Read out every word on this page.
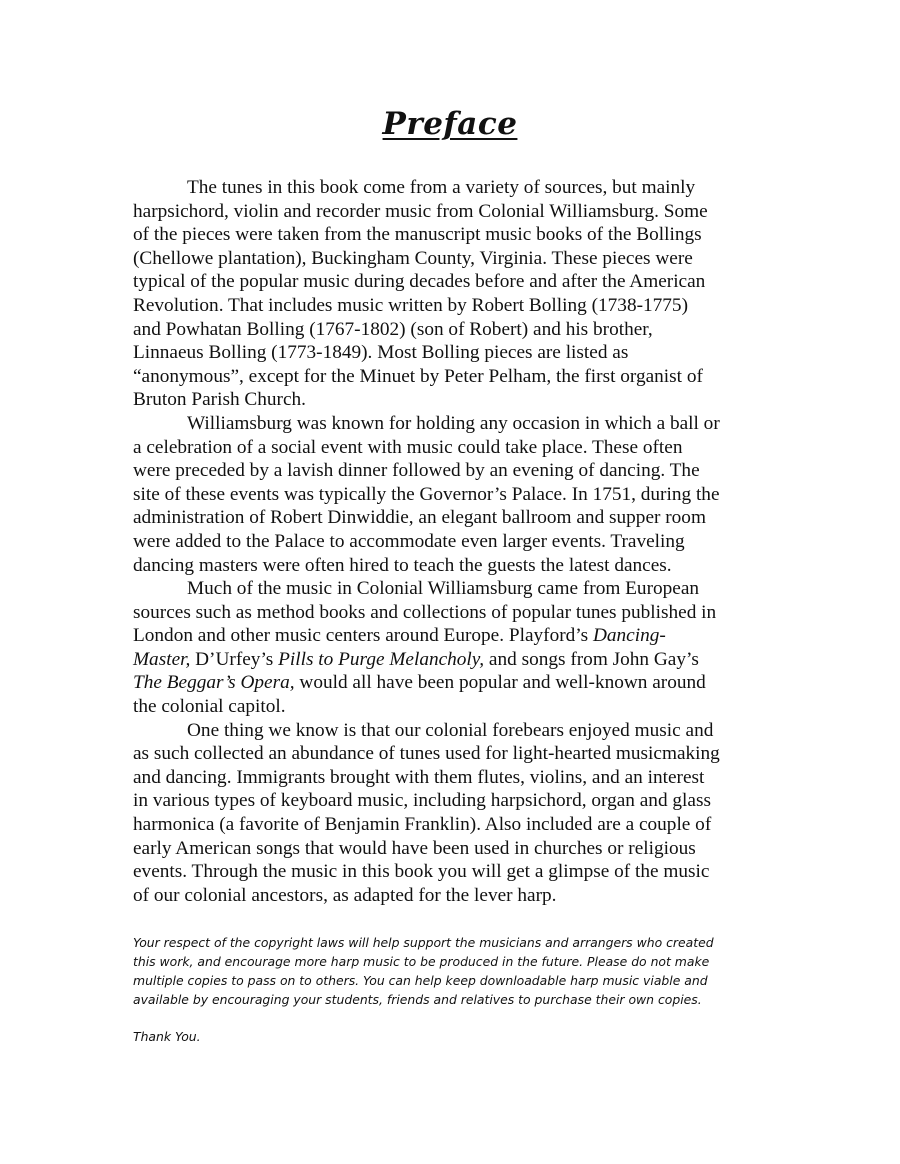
Preface

The tunes in this book come from a variety of sources, but mainly
harpsichord, violin and recorder music from Colonial Williamsburg. Some
of the pieces were taken from the manuscript music books of the Bollings
(Chellowe plantation), Buckingham County, Virginia. These pieces were
typical of the popular music during decades before and after the American
Revolution. That includes music written by Robert Bolling (1738-1775)
and Powhatan Bolling (1767-1802) (son of Robert) and his brother,
Linnaeus Bolling (1773-1849). Most Bolling pieces are listed as
“anonymous”, except for the Minuet by Peter Pelham, the first organist of
Bruton Parish Church.

Williamsburg was known for holding any occasion in which a ball or
a celebration of a social event with music could take place. These often
were preceded by a lavish dinner followed by an evening of dancing. The
site of these events was typically the Governor’s Palace. In 1751, during the
administration of Robert Dinwiddie, an elegant ballroom and supper room
were added to the Palace to accommodate even larger events. Traveling
dancing masters were often hired to teach the guests the latest dances.

Much of the music in Colonial Williamsburg came from European
sources such as method books and collections of popular tunes published in
London and other music centers around Europe. Playford’s Dancing-
Master, D’Urfey’s Pills to Purge Melancholy, and songs from John Gay’s
The Beggar’s Opera, would all have been popular and well-known around
the colonial capitol.

One thing we know is that our colonial forebears enjoyed music and
as such collected an abundance of tunes used for light-hearted musicmaking
and dancing. Immigrants brought with them flutes, violins, and an interest
in various types of keyboard music, including harpsichord, organ and glass
harmonica (a favorite of Benjamin Franklin). Also included are a couple of
early American songs that would have been used in churches or religious
events. Through the music in this book you will get a glimpse of the music
of our colonial ancestors, as adapted for the lever harp.

Your respect of the copyright laws will help support the musicians and arrangers who created
this work, and encourage more harp music to be produced in the future. Please do not make
multiple copies to pass on to others. You can help keep downloadable harp music viable and
available by encouraging your students, friends and relatives to purchase their own copies.
Thank You.
